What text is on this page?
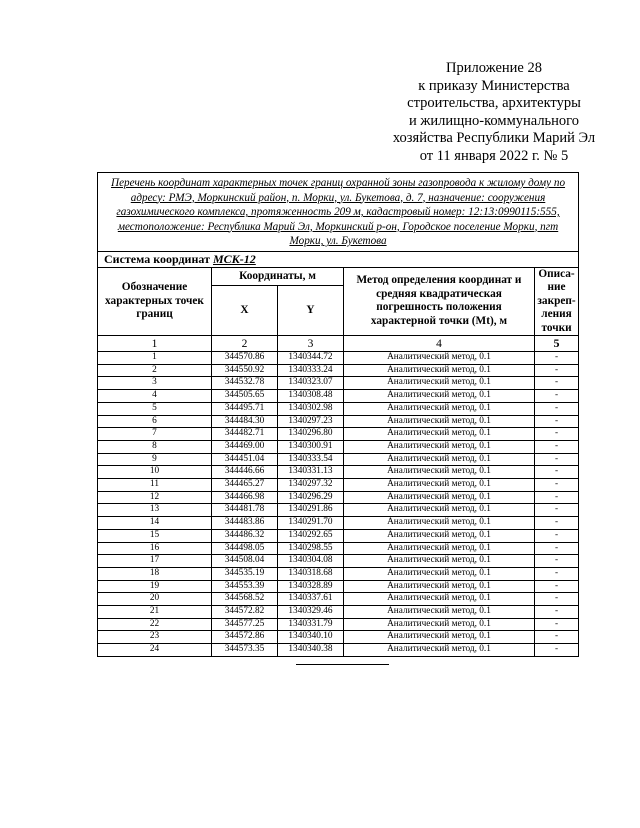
Приложение 28
к приказу Министерства
строительства, архитектуры
и жилищно-коммунального
хозяйства Республики Марий Эл
от 11 января 2022 г. № 5
Перечень координат характерных точек границ охранной зоны газопровода к жилому дому по адресу: РМЭ, Моркинский район, п. Морки, ул. Букетова, д. 7, назначение: сооружения газохимического комплекса, протяженность 209 м, кадастровый номер: 12:13:0990115:555, местоположение: Республика Марий Эл, Моркинский р-он, Городское поселение Морки, пгт Морки, ул. Букетова				
Система координат МСК-12				
Обозначение характерных точек границ	Координаты, м		Метод определения координат и средняя квадратическая погрешность положения характерной точки (Mt), м	Описа-ние закреп-ления точки
	X	Y		
1	2	3	4	5
1	344570.86	1340344.72	Аналитический метод, 0.1	-
2	344550.92	1340333.24	Аналитический метод, 0.1	-
3	344532.78	1340323.07	Аналитический метод, 0.1	-
4	344505.65	1340308.48	Аналитический метод, 0.1	-
5	344495.71	1340302.98	Аналитический метод, 0.1	-
6	344484.30	1340297.23	Аналитический метод, 0.1	-
7	344482.71	1340296.80	Аналитический метод, 0.1	-
8	344469.00	1340300.91	Аналитический метод, 0.1	-
9	344451.04	1340333.54	Аналитический метод, 0.1	-
10	344446.66	1340331.13	Аналитический метод, 0.1	-
11	344465.27	1340297.32	Аналитический метод, 0.1	-
12	344466.98	1340296.29	Аналитический метод, 0.1	-
13	344481.78	1340291.86	Аналитический метод, 0.1	-
14	344483.86	1340291.70	Аналитический метод, 0.1	-
15	344486.32	1340292.65	Аналитический метод, 0.1	-
16	344498.05	1340298.55	Аналитический метод, 0.1	-
17	344508.04	1340304.08	Аналитический метод, 0.1	-
18	344535.19	1340318.68	Аналитический метод, 0.1	-
19	344553.39	1340328.89	Аналитический метод, 0.1	-
20	344568.52	1340337.61	Аналитический метод, 0.1	-
21	344572.82	1340329.46	Аналитический метод, 0.1	-
22	344577.25	1340331.79	Аналитический метод, 0.1	-
23	344572.86	1340340.10	Аналитический метод, 0.1	-
24	344573.35	1340340.38	Аналитический метод, 0.1	-
